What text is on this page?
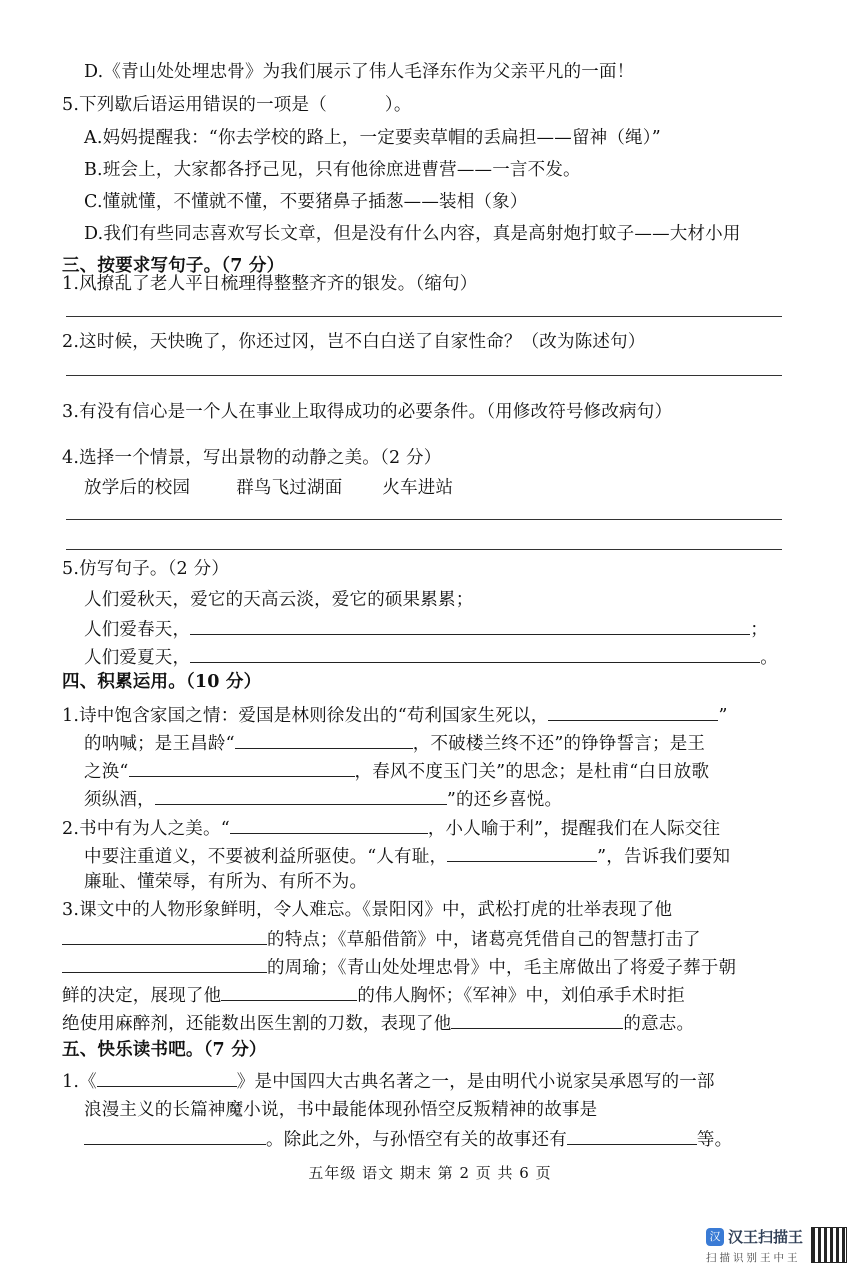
D.《青山处处埋忠骨》为我们展示了伟人毛泽东作为父亲平凡的一面！
5.下列歇后语运用错误的一项是（	）。
A.妈妈提醒我：“你去学校的路上，一定要卖草帽的丢扁担——留神（绳）”
B.班会上，大家都各抒己见，只有他徐庶进曹营——一言不发。
C.懂就懂，不懂就不懂，不要猪鼻子插葱——装相（象）
D.我们有些同志喜欢写长文章，但是没有什么内容，真是高射炮打蚊子——大材小用
三、按要求写句子。（7 分）
1.风撩乱了老人平日梳理得整整齐齐的银发。（缩句）
2.这时候，天快晚了，你还过冈，岂不白白送了自家性命？（改为陈述句）
3.有没有信心是一个人在事业上取得成功的必要条件。（用修改符号修改病句）
4.选择一个情景，写出景物的动静之美。（2 分）
放学后的校园	群鸟飞过湖面 火车进站
5.仿写句子。（2 分）
人们爱秋天，爱它的天高云淡，爱它的硕果累累；
人们爱春天，	；
人们爱夏天，	。
四、积累运用。（10 分）
1.诗中饱含家国之情：爱国是林则徐发出的“苟利国家生死以，	”
的呐喊；是王昌龄“	，不破楼兰终不还”的铮铮誓言；是王
之涣“	，春风不度玉门关”的思念；是杜甫“白日放歌
须纵酒，	”的还乡喜悦。
2.书中有为人之美。“	，小人喻于利”，提醒我们在人际交往
中要注重道义，不要被利益所驱使。“人有耻，	”，告诉我们要知
廉耻、懂荣辱，有所为、有所不为。
3.课文中的人物形象鲜明，令人难忘。《景阳冈》中，武松打虎的壮举表现了他
的特点；《草船借箭》中，诸葛亮凭借自己的智慧打击了
的周瑜；《青山处处埋忠骨》中，毛主席做出了将爱子葬于朝
鲜的决定，展现了他	的伟人胸怀；《军神》中，刘伯承手术时拒
绝使用麻醉剂，还能数出医生割的刀数，表现了他	的意志。
五、快乐读书吧。（7 分）
1.《	》是中国四大古典名著之一，是由明代小说家吴承恩写的一部
浪漫主义的长篇神魔小说，书中最能体现孙悟空反叛精神的故事是
。除此之外，与孙悟空有关的故事还有	等。
五年级 语文 期末 第 2 页 共 6 页
汉 汉王扫描王
扫描识别王中王
